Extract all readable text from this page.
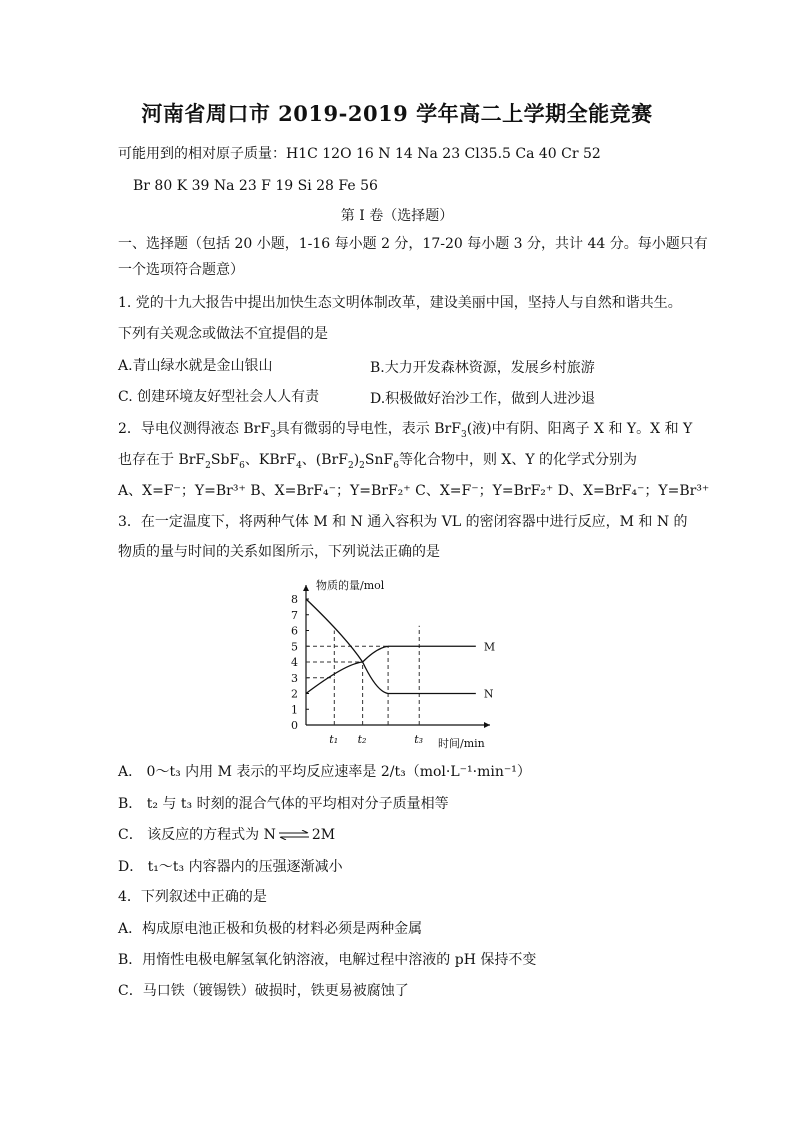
河南省周口市 2019-2019 学年高二上学期全能竞赛
可能用到的相对原子质量：H1C 12O 16 N 14 Na 23 Cl35.5 Ca 40 Cr 52
Br 80 K 39 Na 23 F 19 Si 28 Fe 56
第 I 卷（选择题）
一、选择题（包括 20 小题，1-16 每小题 2 分，17-20 每小题 3 分，共计 44 分。每小题只有
一个选项符合题意）
1. 党的十九大报告中提出加快生态文明体制改革，建设美丽中国，坚持人与自然和谐共生。
下列有关观念或做法不宜提倡的是
A.青山绿水就是金山银山	B.大力开发森林资源，发展乡村旅游
C. 创建环境友好型社会人人有责	D.积极做好治沙工作，做到人进沙退
2．导电仪测得液态 BrF$_3$具有微弱的导电性，表示 BrF$_3$(液)中有阴、阳离子 X 和 Y。X 和 Y
也存在于 BrF$_2$SbF$_6$、KBrF$_4$、$(BrF_2)_2SnF_6$等化合物中，则 X、Y 的化学式分别为
A、X=F⁻；Y=Br³⁺ B、X=BrF₄⁻；Y=BrF₂⁺ C、X=F⁻；Y=BrF₂⁺ D、X=BrF₄⁻；Y=Br³⁺
3．在一定温度下，将两种气体 M 和 N 通入容积为 VL 的密闭容器中进行反应，M 和 N 的
物质的量与时间的关系如图所示，下列说法正确的是
物质的量/mol
时间/min
0
1
2
3
4
5
6
7
8
t₁ t₂	t₃
M
N
A． 0～t₃ 内用 M 表示的平均反应速率是 2/t₃（mol·L⁻¹·min⁻¹）
B． t₂ 与 t₃ 时刻的混合气体的平均相对分子质量相等
C． 该反应的方程式为 N ⇌ 2M
D． t₁～t₃ 内容器内的压强逐渐减小
4．下列叙述中正确的是
A．构成原电池正极和负极的材料必须是两种金属
B．用惰性电极电解氢氧化钠溶液，电解过程中溶液的 pH 保持不变
C．马口铁（镀锡铁）破损时，铁更易被腐蚀了
